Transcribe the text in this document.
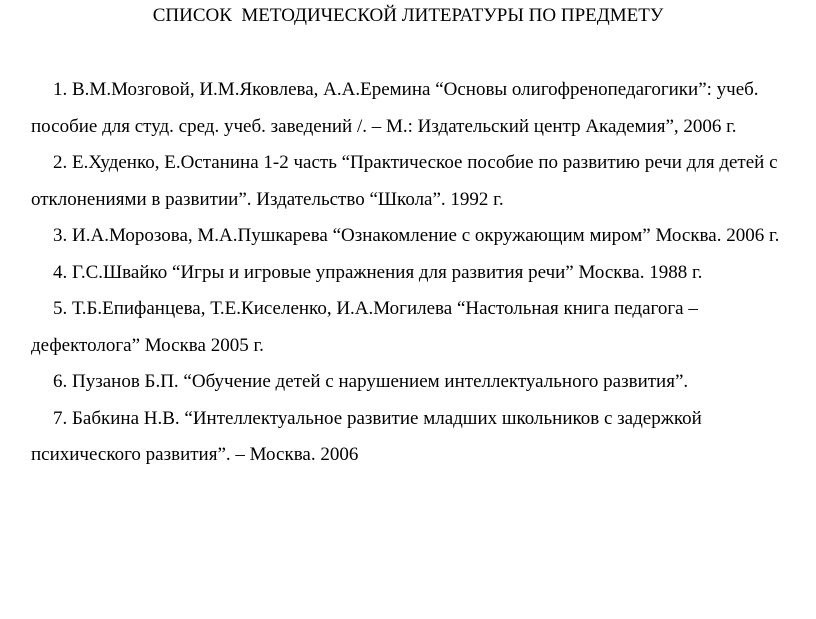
СПИСОК  МЕТОДИЧЕСКОЙ ЛИТЕРАТУРЫ ПО ПРЕДМЕТУ
1. В.М.Мозговой, И.М.Яковлева, А.А.Еремина “Основы олигофренопедагогики”: учеб. пособие для студ. сред. учеб. заведений /. – М.: Издательский центр Академия”, 2006 г.
2. Е.Худенко, Е.Останина 1-2 часть “Практическое пособие по развитию речи для детей с отклонениями в развитии”. Издательство “Школа”. 1992 г.
3. И.А.Морозова, М.А.Пушкарева “Ознакомление с окружающим миром” Москва. 2006 г.
4. Г.С.Швайко “Игры и игровые упражнения для развития речи” Москва. 1988 г.
5. Т.Б.Епифанцева, Т.Е.Киселенко, И.А.Могилева “Настольная книга педагога – дефектолога” Москва 2005 г.
6. Пузанов Б.П. “Обучение детей с нарушением интеллектуального развития”.
7. Бабкина Н.В. “Интеллектуальное развитие младших школьников с задержкой психического развития”. – Москва. 2006
